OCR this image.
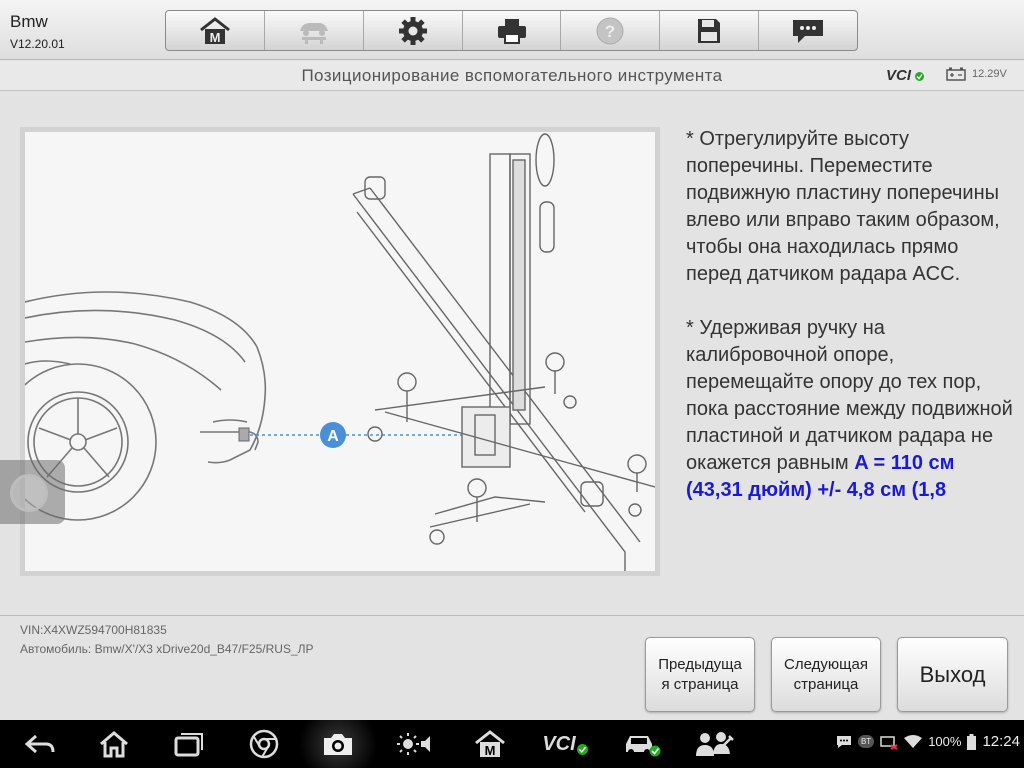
Bmw
V12.20.01	M	?
Позиционирование вспомогательного инструмента	VCI	12.29V
A

* Отрегулируйте высоту поперечины. Переместите подвижную пластину поперечины влево или вправо таким образом, чтобы она находилась прямо перед датчиком радара ACC.

* Удерживая ручку на калибровочной опоре, перемещайте опору до тех пор, пока расстояние между подвижной пластиной и датчиком радара не окажется равным A = 110 см (43,31 дюйм) +/- 4,8 см (1,8

VIN:X4XWZ594700H81835
Автомобиль: Bmw/X'/X3 xDrive20d_B47/F25/RUS_ЛР
Предыдуща
я страница
Следующая
страница	Выход
M VCI	BT	100% 12:24
